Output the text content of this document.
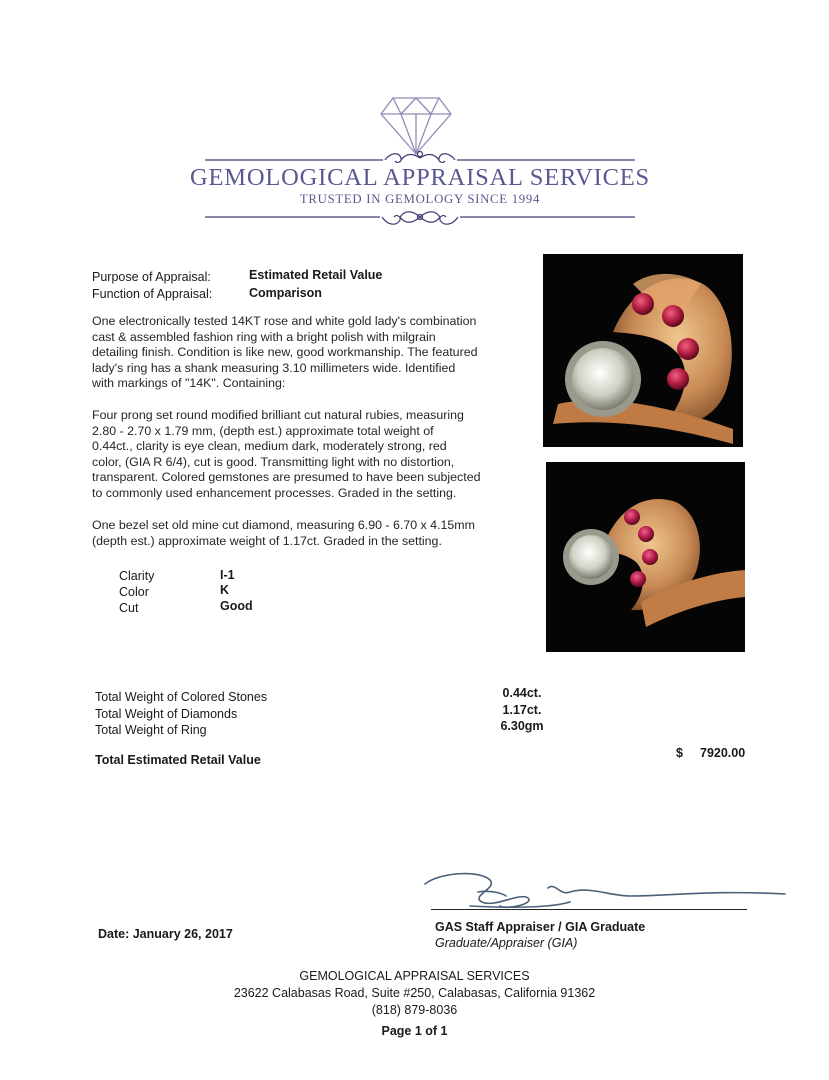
GEMOLOGICAL APPRAISAL SERVICES
TRUSTED IN GEMOLOGY SINCE 1994
Purpose of Appraisal:	Estimated Retail Value
Function of Appraisal:	Comparison
One electronically tested 14KT rose and white gold lady's combination
cast & assembled fashion ring with a bright polish with milgrain
detailing finish. Condition is like new, good workmanship. The featured
lady's ring has a shank measuring 3.10 millimeters wide. Identified
with markings of "14K". Containing:
Four prong set round modified brilliant cut natural rubies, measuring
2.80 - 2.70 x 1.79 mm, (depth est.) approximate total weight of
0.44ct., clarity is eye clean, medium dark, moderately strong, red
color, (GIA R 6/4), cut is good. Transmitting light with no distortion,
transparent. Colored gemstones are presumed to have been subjected
to commonly used enhancement processes. Graded in the setting.
One bezel set old mine cut diamond, measuring 6.90 - 6.70 x 4.15mm
(depth est.) approximate weight of 1.17ct. Graded in the setting.
Clarity	I-1
Color	K
Cut	Good
Total Weight of Colored Stones	0.44ct.
Total Weight of Diamonds	1.17ct.
Total Weight of Ring	6.30gm
Total Estimated Retail Value	$ 7920.00
GAS Staff Appraiser / GIA Graduate
Graduate/Appraiser (GIA)
Date: January 26, 2017
GEMOLOGICAL APPRAISAL SERVICES
23622 Calabasas Road, Suite #250, Calabasas, California 91362
(818) 879-8036
Page 1 of 1
